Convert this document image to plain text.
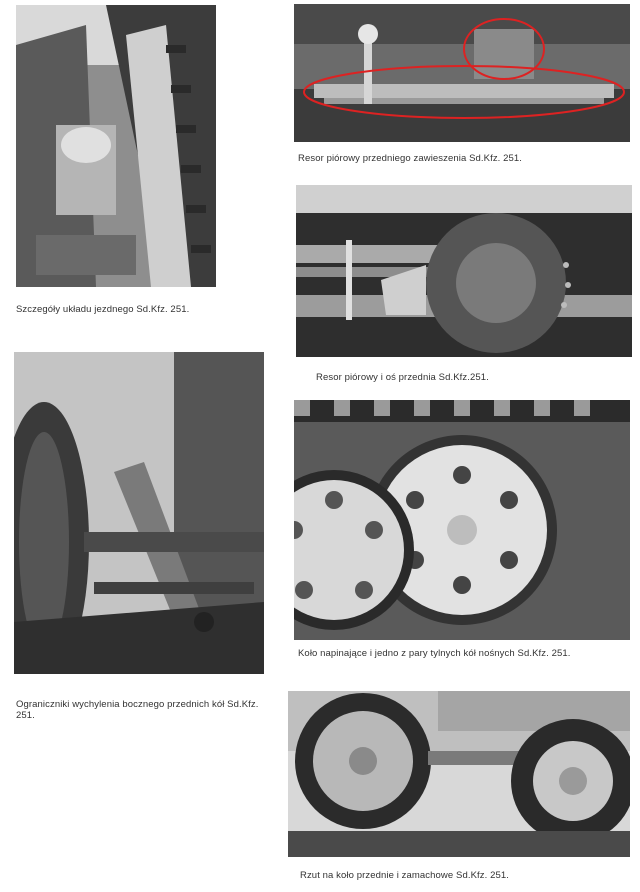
Szczegóły układu jezdnego Sd.Kfz. 251.
Resor piórowy przedniego zawieszenia Sd.Kfz. 251.
Resor piórowy i oś przednia Sd.Kfz.251.
Ograniczniki wychylenia bocznego przednich kół Sd.Kfz. 251.
Koło napinające i jedno z pary tylnych kół nośnych Sd.Kfz. 251.
Rzut na koło przednie i zamachowe Sd.Kfz. 251.
